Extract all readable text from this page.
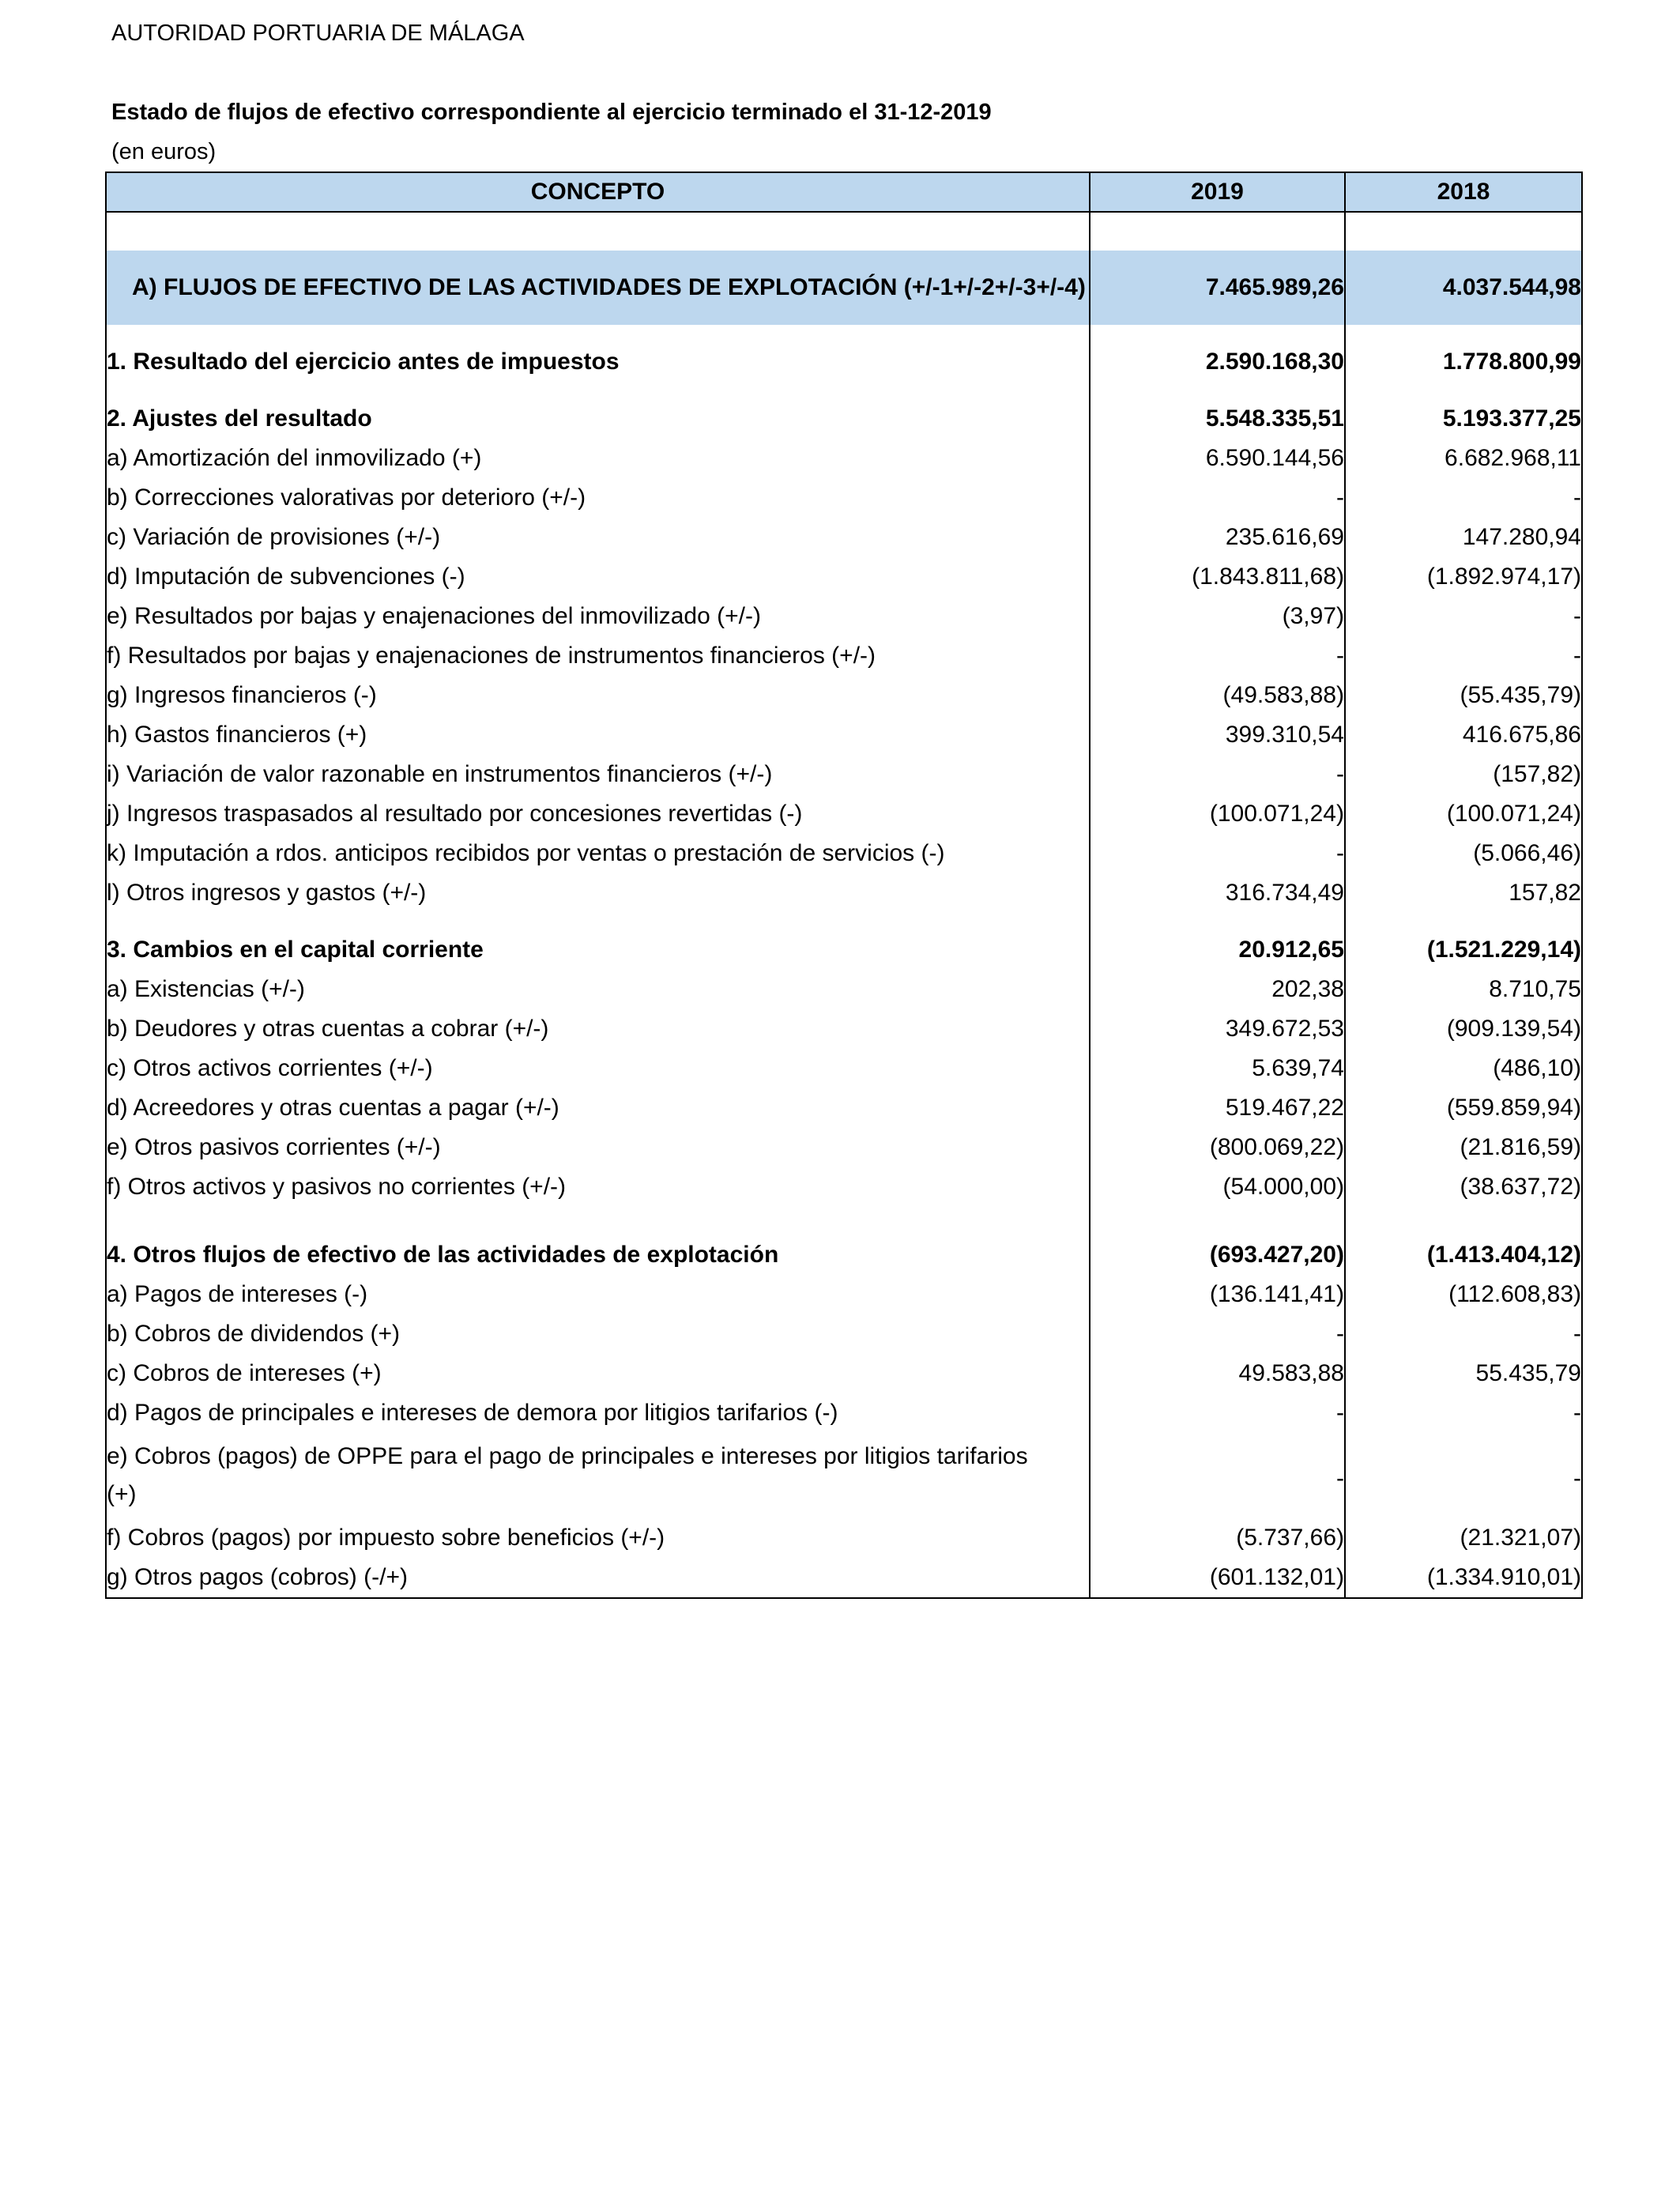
AUTORIDAD PORTUARIA DE MÁLAGA
Estado de flujos de efectivo correspondiente al ejercicio terminado el 31-12-2019
(en euros)
CONCEPTO	2019	2018

A) FLUJOS DE EFECTIVO DE LAS ACTIVIDADES DE EXPLOTACIÓN (+/-1+/-2+/-3+/-4)	7.465.989,26	4.037.544,98

1. Resultado del ejercicio antes de impuestos	2.590.168,30	1.778.800,99

2. Ajustes del resultado	5.548.335,51	5.193.377,25
a) Amortización del inmovilizado (+)	6.590.144,56	6.682.968,11
b) Correcciones valorativas por deterioro (+/-)	-	-
c) Variación de provisiones (+/-)	235.616,69	147.280,94
d) Imputación de subvenciones (-)	(1.843.811,68)	(1.892.974,17)
e) Resultados por bajas y enajenaciones del inmovilizado (+/-)	(3,97)	-
f) Resultados por bajas y enajenaciones de instrumentos financieros (+/-)	-	-
g) Ingresos financieros (-)	(49.583,88)	(55.435,79)
h) Gastos financieros (+)	399.310,54	416.675,86
i) Variación de valor razonable en instrumentos financieros (+/-)	-	(157,82)
j) Ingresos traspasados al resultado por concesiones revertidas (-)	(100.071,24)	(100.071,24)
k) Imputación a rdos. anticipos recibidos por ventas o prestación de servicios (-)	-	(5.066,46)
l) Otros ingresos y gastos (+/-)	316.734,49	157,82

3. Cambios en el capital corriente	20.912,65	(1.521.229,14)
a) Existencias (+/-)	202,38	8.710,75
b) Deudores y otras cuentas a cobrar (+/-)	349.672,53	(909.139,54)
c) Otros activos corrientes (+/-)	5.639,74	(486,10)
d) Acreedores y otras cuentas a pagar (+/-)	519.467,22	(559.859,94)
e) Otros pasivos corrientes (+/-)	(800.069,22)	(21.816,59)
f) Otros activos y pasivos no corrientes (+/-)	(54.000,00)	(38.637,72)

4. Otros flujos de efectivo de las actividades de explotación	(693.427,20)	(1.413.404,12)
a) Pagos de intereses (-)	(136.141,41)	(112.608,83)
b) Cobros de dividendos (+)	-	-
c) Cobros de intereses (+)	49.583,88	55.435,79
d) Pagos de principales e intereses de demora por litigios tarifarios (-)	-	-
e) Cobros (pagos) de OPPE para el pago de principales e intereses por litigios tarifarios (+)	-	-
f) Cobros (pagos) por impuesto sobre beneficios (+/-)	(5.737,66)	(21.321,07)
g) Otros pagos (cobros) (-/+)	(601.132,01)	(1.334.910,01)
